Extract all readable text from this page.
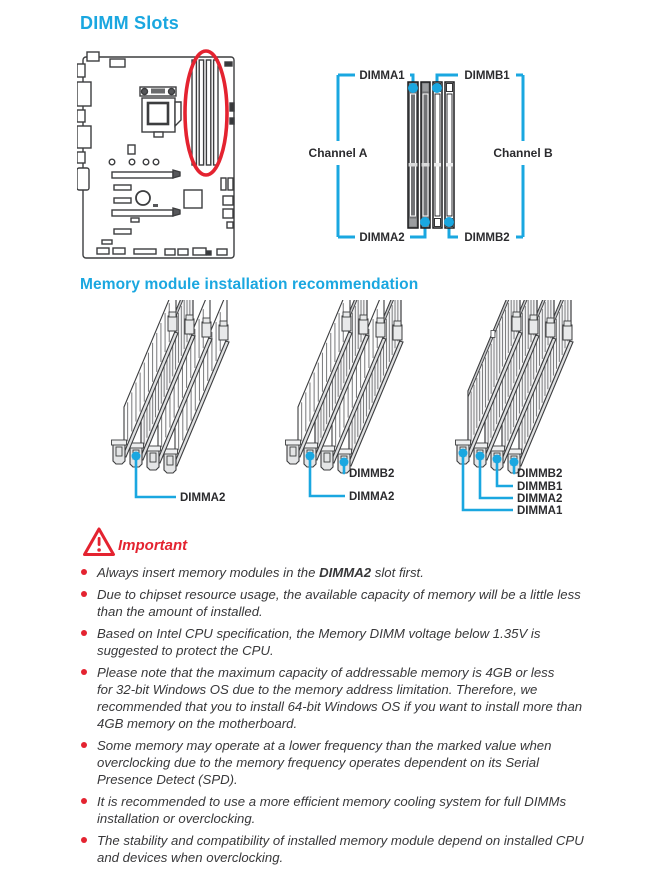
DIMM Slots
DIMMA1	DIMMB1
DIMMA2	DIMMB2
Channel A	Channel B
Memory module installation recommendation
DIMMA2
DIMMB2
DIMMA2
DIMMB2
DIMMB1
DIMMA2
DIMMA1
Important
Always insert memory modules in the DIMMA2 slot first.
Due to chipset resource usage, the available capacity of memory will be a little less
than the amount of installed.
Based on Intel CPU specification, the Memory DIMM voltage below 1.35V is
suggested to protect the CPU.
Please note that the maximum capacity of addressable memory is 4GB or less
for 32-bit Windows OS due to the memory address limitation. Therefore, we
recommended that you to install 64-bit Windows OS if you want to install more than
4GB memory on the motherboard.
Some memory may operate at a lower frequency than the marked value when
overclocking due to the memory frequency operates dependent on its Serial
Presence Detect (SPD).
It is recommended to use a more efficient memory cooling system for full DIMMs
installation or overclocking.
The stability and compatibility of installed memory module depend on installed CPU
and devices when overclocking.
